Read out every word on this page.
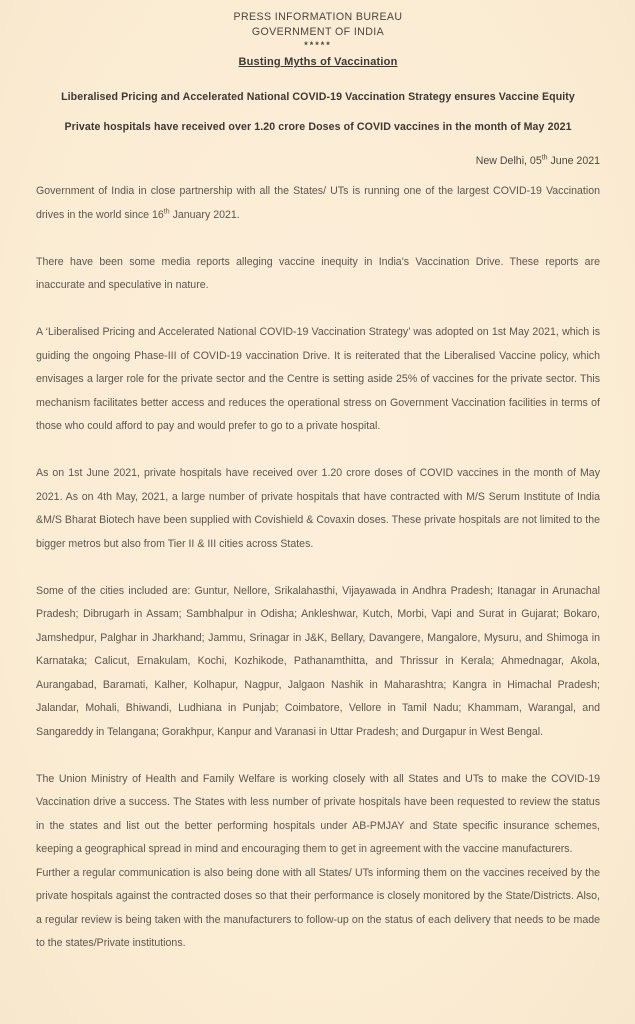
PRESS INFORMATION BUREAU
GOVERNMENT OF INDIA
*****
Busting Myths of Vaccination
Liberalised Pricing and Accelerated National COVID-19 Vaccination Strategy ensures Vaccine Equity
Private hospitals have received over 1.20 crore Doses of COVID vaccines in the month of May 2021
New Delhi, 05th June 2021

Government of India in close partnership with all the States/ UTs is running one of the largest COVID-19 Vaccination drives in the world since 16th January 2021.

There have been some media reports alleging vaccine inequity in India's Vaccination Drive. These reports are inaccurate and speculative in nature.

A ‘Liberalised Pricing and Accelerated National COVID-19 Vaccination Strategy’ was adopted on 1st May 2021, which is guiding the ongoing Phase-III of COVID-19 vaccination Drive. It is reiterated that the Liberalised Vaccine policy, which envisages a larger role for the private sector and the Centre is setting aside 25% of vaccines for the private sector. This mechanism facilitates better access and reduces the operational stress on Government Vaccination facilities in terms of those who could afford to pay and would prefer to go to a private hospital.

As on 1st June 2021, private hospitals have received over 1.20 crore doses of COVID vaccines in the month of May 2021. As on 4th May, 2021, a large number of private hospitals that have contracted with M/S Serum Institute of India &M/S Bharat Biotech have been supplied with Covishield & Covaxin doses. These private hospitals are not limited to the bigger metros but also from Tier II & III cities across States.

Some of the cities included are: Guntur, Nellore, Srikalahasthi, Vijayawada in Andhra Pradesh; Itanagar in Arunachal Pradesh; Dibrugarh in Assam; Sambhalpur in Odisha; Ankleshwar, Kutch, Morbi, Vapi and Surat in Gujarat; Bokaro, Jamshedpur, Palghar in Jharkhand; Jammu, Srinagar in J&K, Bellary, Davangere, Mangalore, Mysuru, and Shimoga in Karnataka; Calicut, Ernakulam, Kochi, Kozhikode, Pathanamthitta, and Thrissur in Kerala; Ahmednagar, Akola, Aurangabad, Baramati, Kalher, Kolhapur, Nagpur, Jalgaon Nashik in Maharashtra; Kangra in Himachal Pradesh; Jalandar, Mohali, Bhiwandi, Ludhiana in Punjab; Coimbatore, Vellore in Tamil Nadu; Khammam, Warangal, and Sangareddy in Telangana; Gorakhpur, Kanpur and Varanasi in Uttar Pradesh; and Durgapur in West Bengal.

The Union Ministry of Health and Family Welfare is working closely with all States and UTs to make the COVID-19 Vaccination drive a success. The States with less number of private hospitals have been requested to review the status in the states and list out the better performing hospitals under AB-PMJAY and State specific insurance schemes, keeping a geographical spread in mind and encouraging them to get in agreement with the vaccine manufacturers.

Further a regular communication is also being done with all States/ UTs informing them on the vaccines received by the private hospitals against the contracted doses so that their performance is closely monitored by the State/Districts. Also, a regular review is being taken with the manufacturers to follow-up on the status of each delivery that needs to be made to the states/Private institutions.
